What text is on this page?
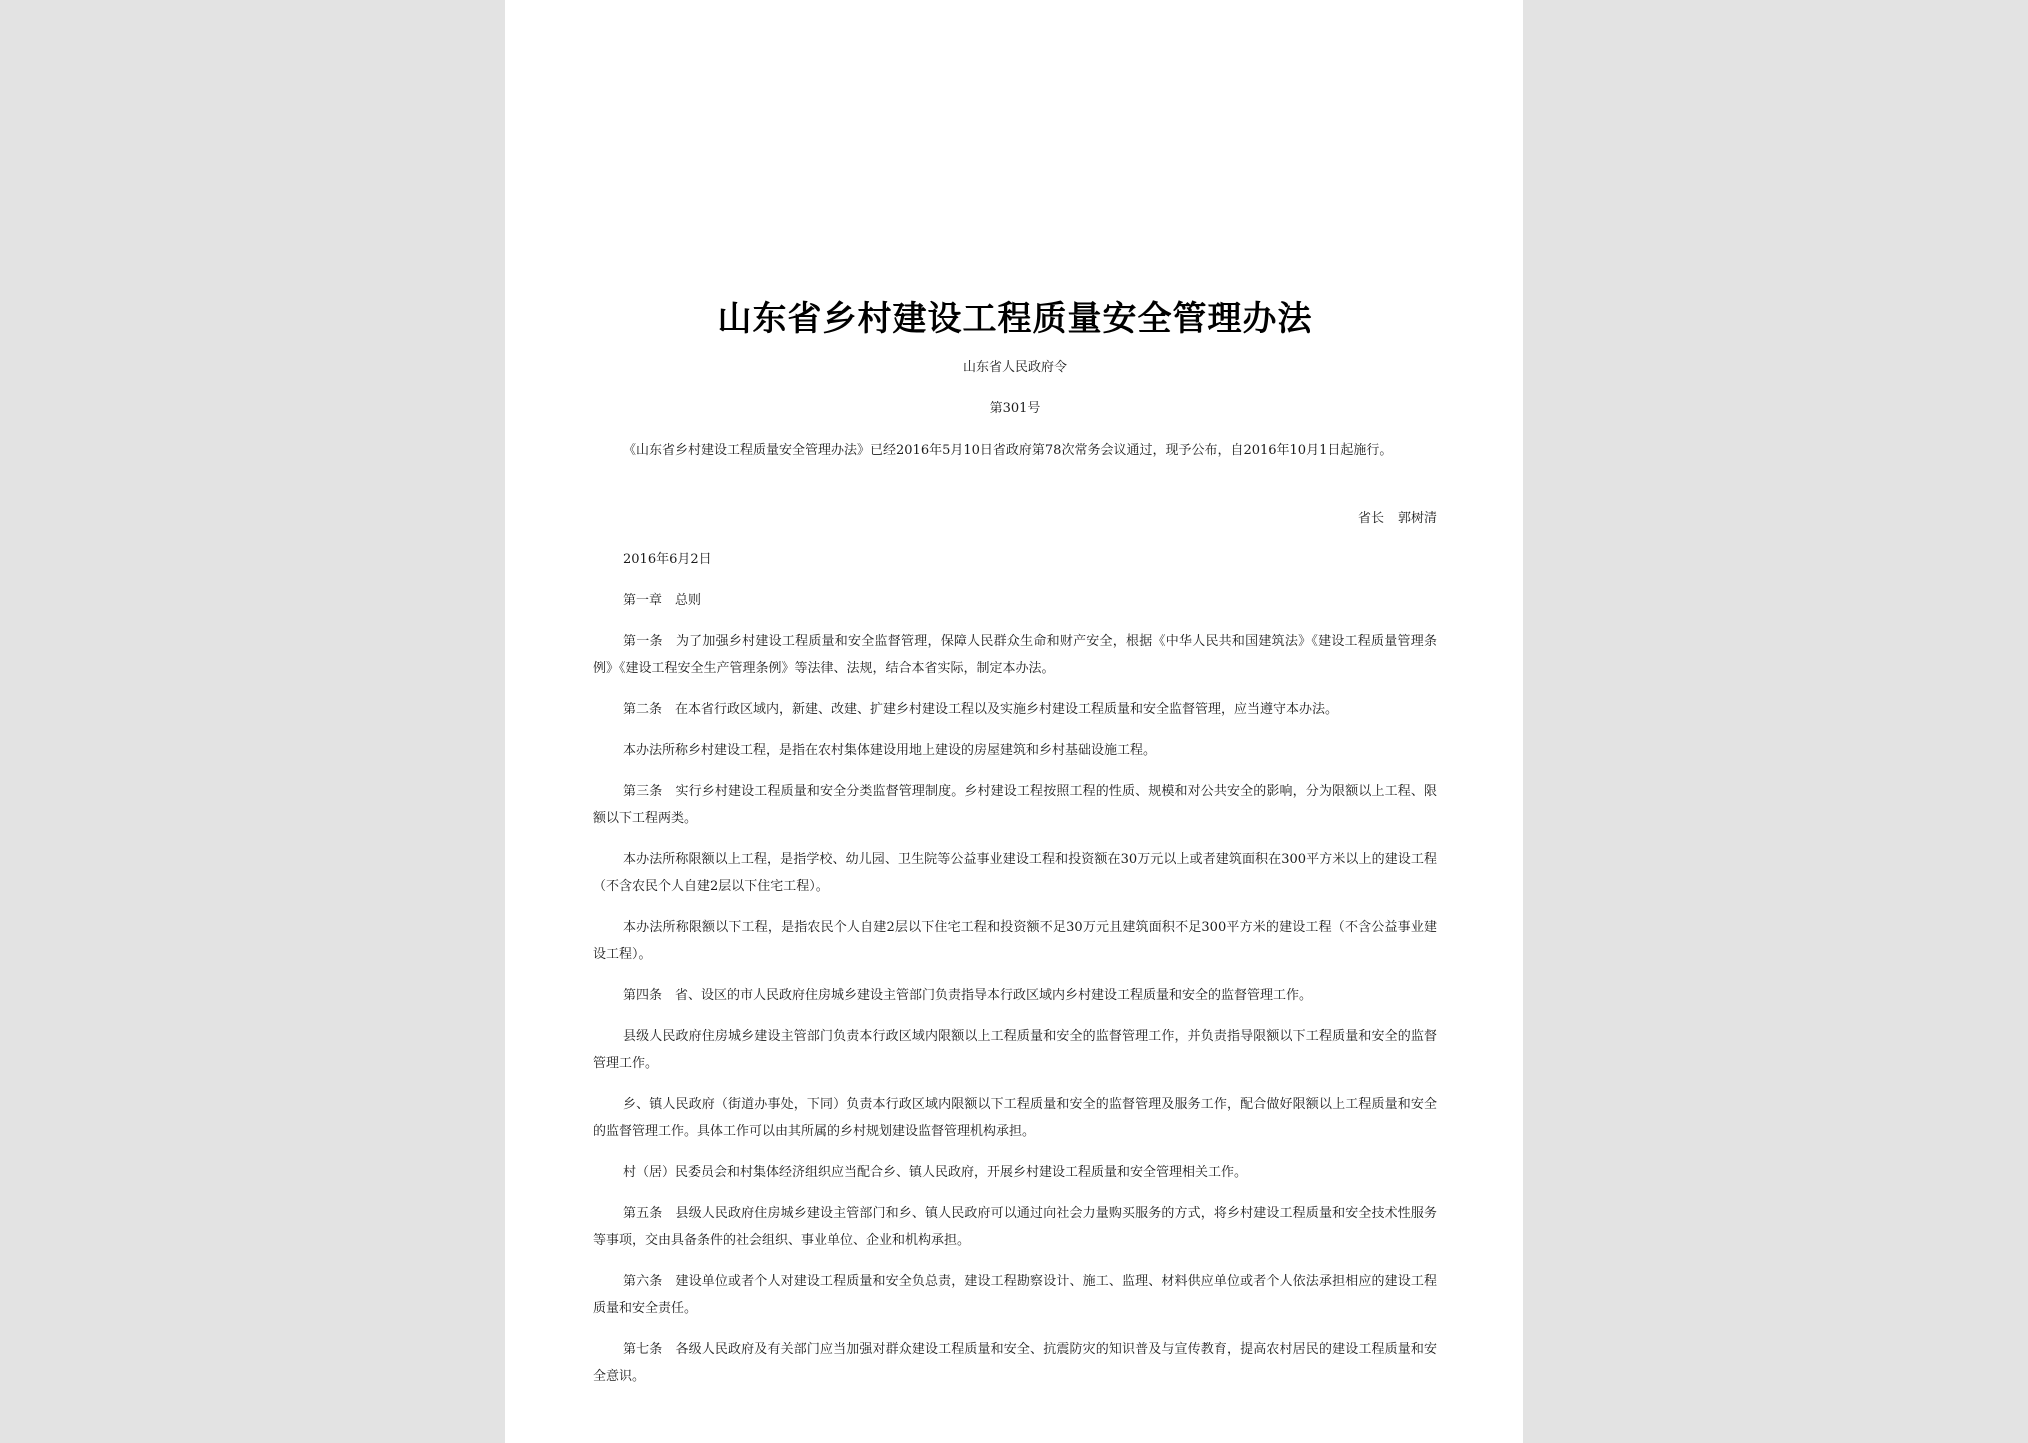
山东省乡村建设工程质量安全管理办法
山东省人民政府令
第301号

《山东省乡村建设工程质量安全管理办法》已经2016年5月10日省政府第78次常务会议通过，现予公布，自2016年10月1日起施行。

省长 郭树清
2016年6月2日
第一章　总则

第一条　为了加强乡村建设工程质量和安全监督管理，保障人民群众生命和财产安全，根据《中华人民共和国建筑法》《建设工程质量管理条例》《建设工程安全生产管理条例》等法律、法规，结合本省实际，制定本办法。

第二条　在本省行政区域内，新建、改建、扩建乡村建设工程以及实施乡村建设工程质量和安全监督管理，应当遵守本办法。

本办法所称乡村建设工程，是指在农村集体建设用地上建设的房屋建筑和乡村基础设施工程。

第三条　实行乡村建设工程质量和安全分类监督管理制度。乡村建设工程按照工程的性质、规模和对公共安全的影响，分为限额以上工程、限额以下工程两类。

本办法所称限额以上工程，是指学校、幼儿园、卫生院等公益事业建设工程和投资额在30万元以上或者建筑面积在300平方米以上的建设工程（不含农民个人自建2层以下住宅工程）。

本办法所称限额以下工程，是指农民个人自建2层以下住宅工程和投资额不足30万元且建筑面积不足300平方米的建设工程（不含公益事业建设工程）。

第四条　省、设区的市人民政府住房城乡建设主管部门负责指导本行政区域内乡村建设工程质量和安全的监督管理工作。

县级人民政府住房城乡建设主管部门负责本行政区域内限额以上工程质量和安全的监督管理工作，并负责指导限额以下工程质量和安全的监督管理工作。

乡、镇人民政府（街道办事处，下同）负责本行政区域内限额以下工程质量和安全的监督管理及服务工作，配合做好限额以上工程质量和安全的监督管理工作。具体工作可以由其所属的乡村规划建设监督管理机构承担。

村（居）民委员会和村集体经济组织应当配合乡、镇人民政府，开展乡村建设工程质量和安全管理相关工作。

第五条　县级人民政府住房城乡建设主管部门和乡、镇人民政府可以通过向社会力量购买服务的方式，将乡村建设工程质量和安全技术性服务等事项，交由具备条件的社会组织、事业单位、企业和机构承担。

第六条　建设单位或者个人对建设工程质量和安全负总责，建设工程勘察设计、施工、监理、材料供应单位或者个人依法承担相应的建设工程质量和安全责任。

第七条　各级人民政府及有关部门应当加强对群众建设工程质量和安全、抗震防灾的知识普及与宣传教育，提高农村居民的建设工程质量和安全意识。
